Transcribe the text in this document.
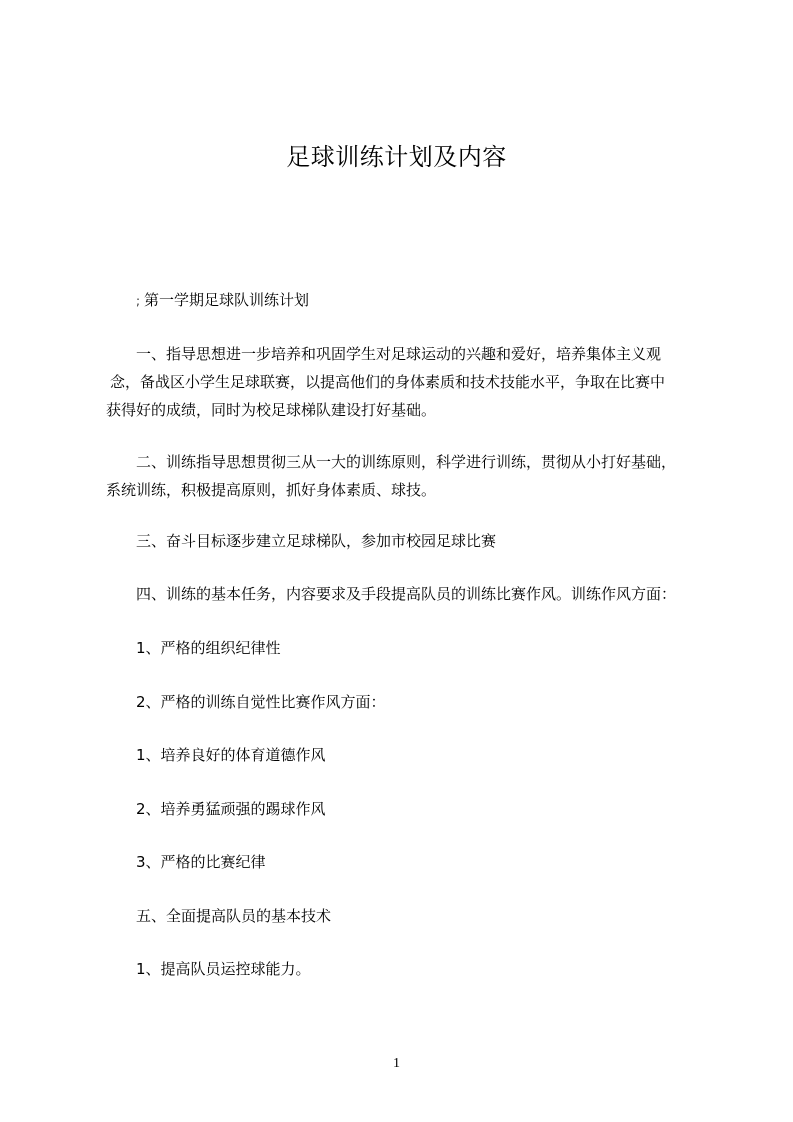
足球训练计划及内容
; 第一学期足球队训练计划
一、指导思想进一步培养和巩固学生对足球运动的兴趣和爱好，培养集体主义观
念，备战区小学生足球联赛，以提高他们的身体素质和技术技能水平，争取在比赛中
获得好的成绩，同时为校足球梯队建设打好基础。
二、训练指导思想贯彻三从一大的训练原则，科学进行训练，贯彻从小打好基础，
系统训练，积极提高原则，抓好身体素质、球技。
三、奋斗目标逐步建立足球梯队，参加市校园足球比赛
四、训练的基本任务，内容要求及手段提高队员的训练比赛作风。训练作风方面：
1、严格的组织纪律性
2、严格的训练自觉性比赛作风方面：
1、培养良好的体育道德作风
2、培养勇猛顽强的踢球作风
3、严格的比赛纪律
五、全面提高队员的基本技术
1、提高队员运控球能力。
1
